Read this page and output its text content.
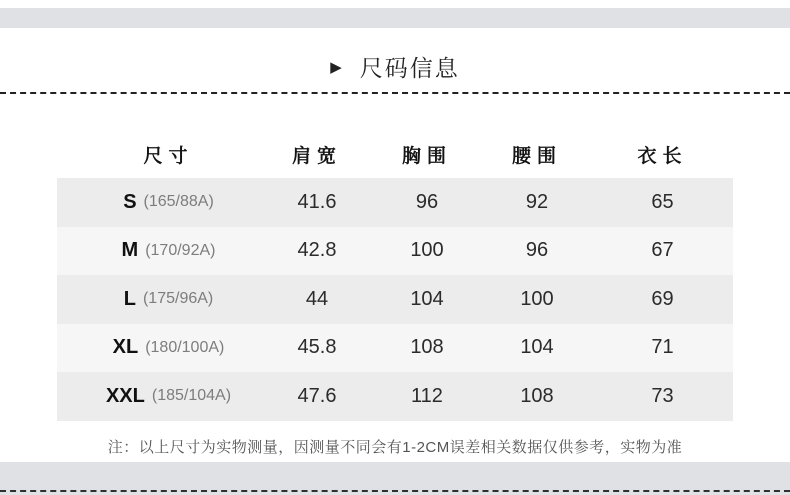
▶ 尺码信息
尺寸	肩宽	胸围	腰围	衣长
S (165/88A)	41.6	96	92	65
M (170/92A)	42.8	100	96	67
L (175/96A)	44	104	100	69
XL (180/100A)	45.8	108	104	71
XXL (185/104A)	47.6	112	108	73
注：以上尺寸为实物测量，因测量不同会有1-2CM误差相关数据仅供参考，实物为准
